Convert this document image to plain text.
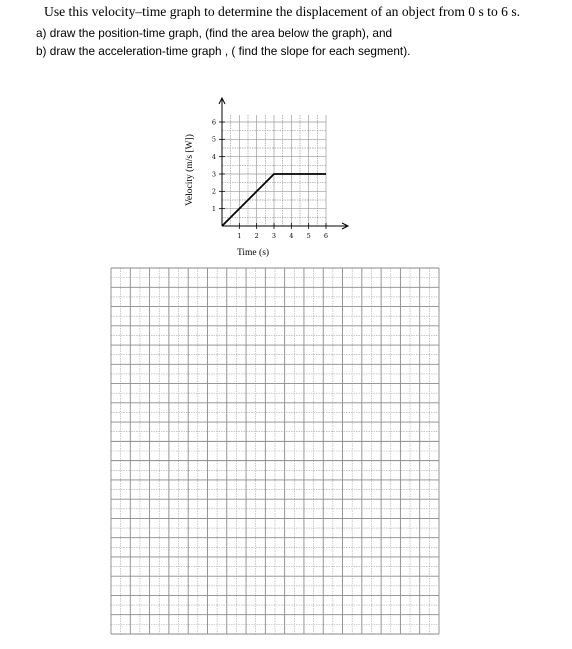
Use this velocity–time graph to determine the displacement of an object from 0 s to 6 s.
a) draw the position-time graph, (find the area below the graph), and
b) draw the acceleration-time graph , ( find the slope for each segment).
1
2
3
4
5
6
1 2 3 4 5 6
Time (s)
Velocity (m/s [W])
